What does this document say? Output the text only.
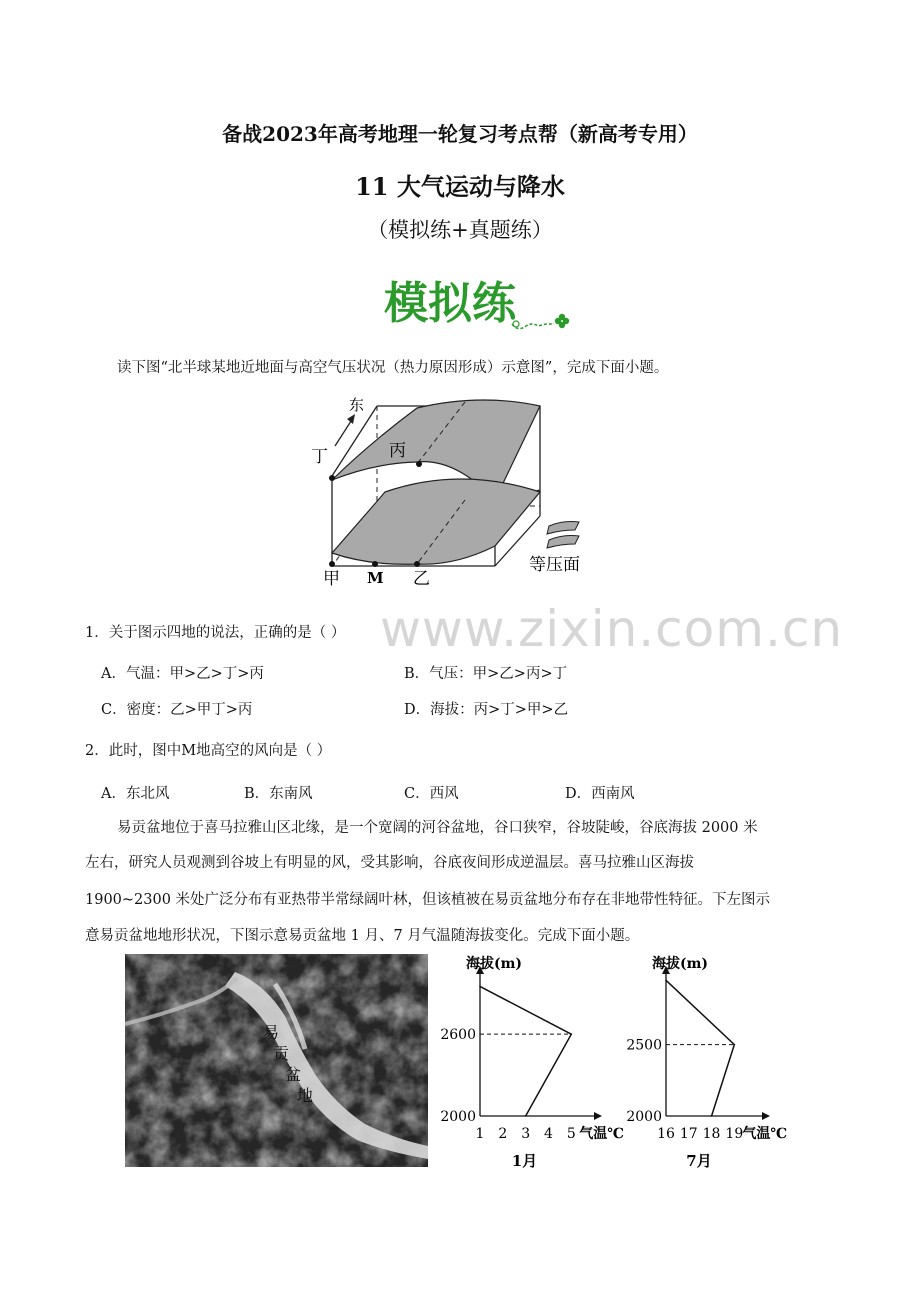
备战2023年高考地理一轮复习考点帮（新高考专用）
11 大气运动与降水
（模拟练+真题练）
模拟练
读下图“北半球某地近地面与高空气压状况（热力原因形成）示意图”，完成下面小题。
东
丁	丙
甲 M 乙
等压面
www.zixin.com.cn
1．关于图示四地的说法，正确的是（ ）
A．气温：甲>乙>丁>丙	B．气压：甲>乙>丙>丁
C．密度：乙>甲丁>丙	D．海拔：丙>丁>甲>乙
2．此时，图中M地高空的风向是（ ）
A．东北风	B．东南风	C．西风	D．西南风
易贡盆地位于喜马拉雅山区北缘，是一个宽阔的河谷盆地，谷口狭窄，谷坡陡峻，谷底海拔 2000 米
左右，研究人员观测到谷坡上有明显的风，受其影响，谷底夜间形成逆温层。喜马拉雅山区海拔
1900~2300 米处广泛分布有亚热带半常绿阔叶林，但该植被在易贡盆地分布存在非地带性特征。下左图示
意易贡盆地地形状况，下图示意易贡盆地 1 月、7 月气温随海拔变化。完成下面小题。
易
贡
盆
地
海拔(m)
1 2 3 4 5 气温℃
2000
2600
1月
海拔(m)
16 17 18 19 气温℃
2000
2500
7月
